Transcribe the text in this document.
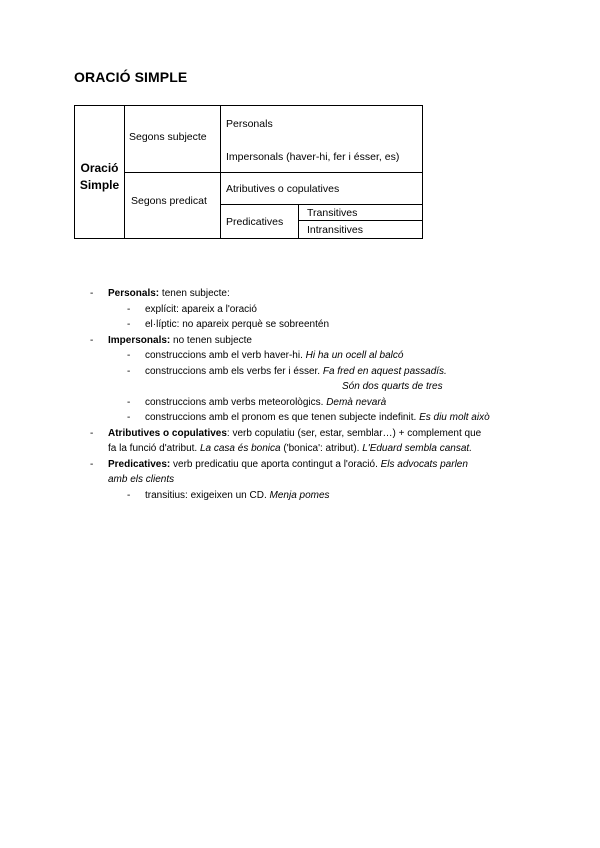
ORACIÓ SIMPLE
Oració Simple
Segons subjecte
Personals
Impersonals (haver-hi, fer i ésser, es)
Segons predicat
Atributives o copulatives
Predicatives
Transitives
Intransitives
- Personals: tenen subjecte:
- explícit: apareix a l'oració
- el·líptic: no apareix perquè se sobreentén
- Impersonals: no tenen subjecte
- construccions amb el verb haver-hi. Hi ha un ocell al balcó
- construccions amb els verbs fer i ésser. Fa fred en aquest passadís.
Són dos quarts de tres
- construccions amb verbs meteorològics. Demà nevarà
- construccions amb el pronom es que tenen subjecte indefinit. Es diu molt això
- Atributives o copulatives: verb copulatiu (ser, estar, semblar…) + complement que
fa la funció d'atribut. La casa és bonica ('bonica': atribut). L'Eduard sembla cansat.
- Predicatives: verb predicatiu que aporta contingut a l'oració. Els advocats parlen
amb els clients
- transitius: exigeixen un CD. Menja pomes
